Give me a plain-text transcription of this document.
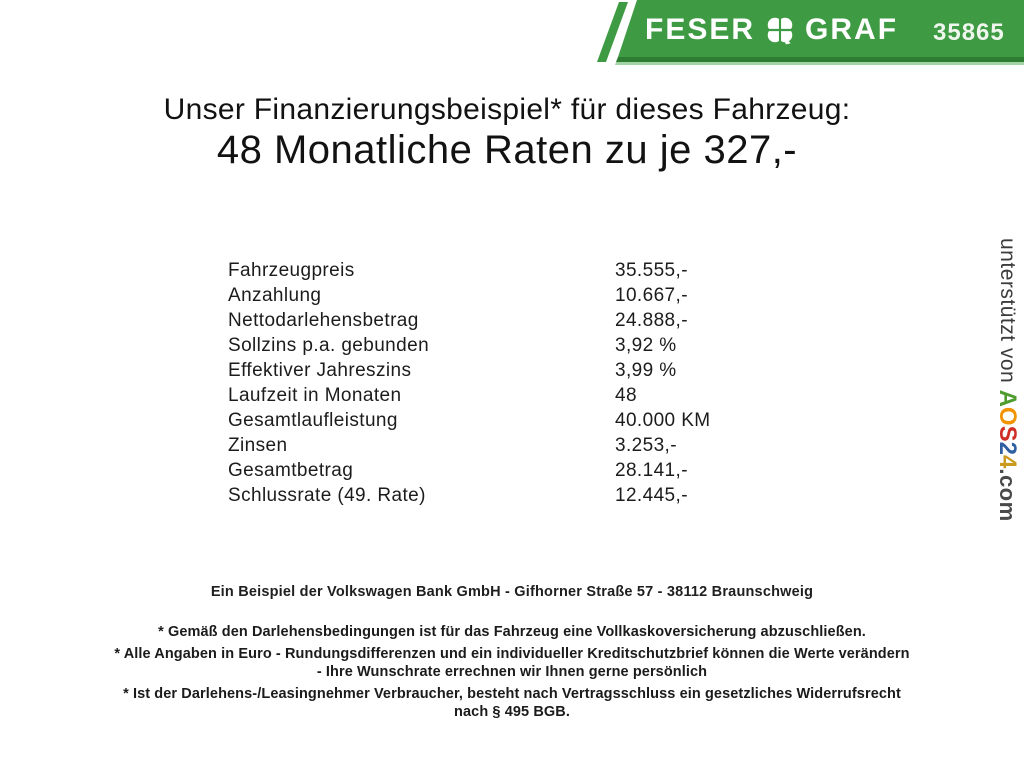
FESER GRAF 35865
Unser Finanzierungsbeispiel* für dieses Fahrzeug:
48 Monatliche Raten zu je 327,-
Fahrzeugpreis	35.555,-
Anzahlung	10.667,-
Nettodarlehensbetrag	24.888,-
Sollzins p.a. gebunden	3,92 %
Effektiver Jahreszins	3,99 %
Laufzeit in Monaten	48
Gesamtlaufleistung	40.000 KM
Zinsen	3.253,-
Gesamtbetrag	28.141,-
Schlussrate (49. Rate)	12.445,-
Ein Beispiel der Volkswagen Bank GmbH - Gifhorner Straße 57 - 38112 Braunschweig
* Gemäß den Darlehensbedingungen ist für das Fahrzeug eine Vollkaskoversicherung abzuschließen.
* Alle Angaben in Euro - Rundungsdifferenzen und ein individueller Kreditschutzbrief können die Werte verändern
- Ihre Wunschrate errechnen wir Ihnen gerne persönlich
* Ist der Darlehens-/Leasingnehmer Verbraucher, besteht nach Vertragsschluss ein gesetzliches Widerrufsrecht
nach § 495 BGB.
unterstützt von AOS24.com
